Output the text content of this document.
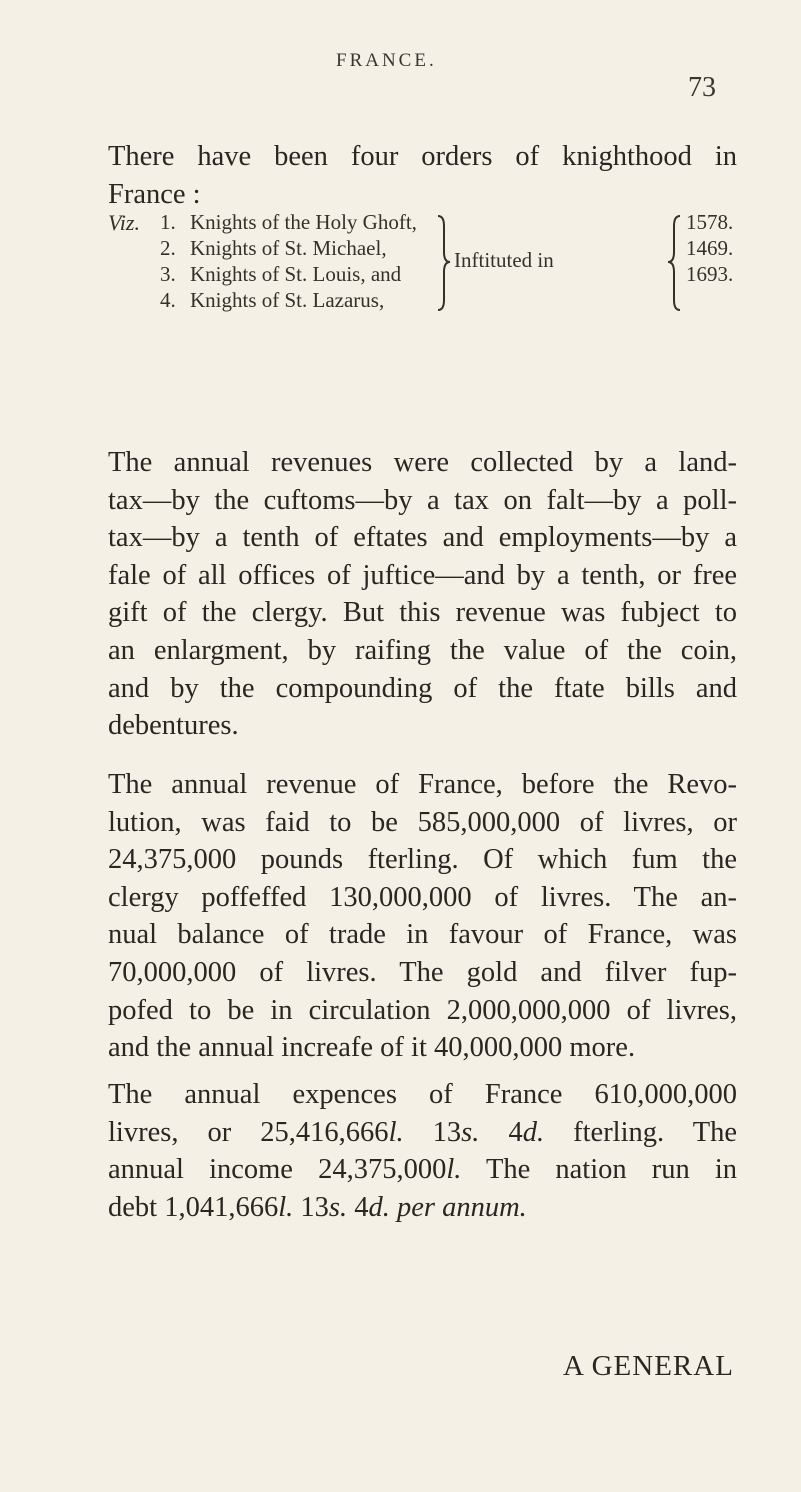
FRANCE.
73

There have been four orders of knighthood in
France :

Viz. 1. Knights of the Holy Ghoft,
2. Knights of St. Michael,
3. Knights of St. Louis, and
4. Knights of St. Lazarus,
Inftituted in
1578.
1469.
1693.

The annual revenues were collected by a land-
tax—by the cuftoms—by a tax on falt—by a poll-
tax—by a tenth of eftates and employments—by a
fale of all offices of juftice—and by a tenth, or free
gift of the clergy. But this revenue was fubject to
an enlargment, by raifing the value of the coin,
and by the compounding of the ftate bills and
debentures.

The annual revenue of France, before the Revo-
lution, was faid to be 585,000,000 of livres, or
24,375,000 pounds fterling. Of which fum the
clergy poffeffed 130,000,000 of livres. The an-
nual balance of trade in favour of France, was
70,000,000 of livres. The gold and filver fup-
pofed to be in circulation 2,000,000,000 of livres,
and the annual increafe of it 40,000,000 more.

The annual expences of France 610,000,000
livres, or 25,416,666l. 13s. 4d. fterling. The
annual income 24,375,000l. The nation run in
debt 1,041,666l. 13s. 4d. per annum.

A GENERAL
